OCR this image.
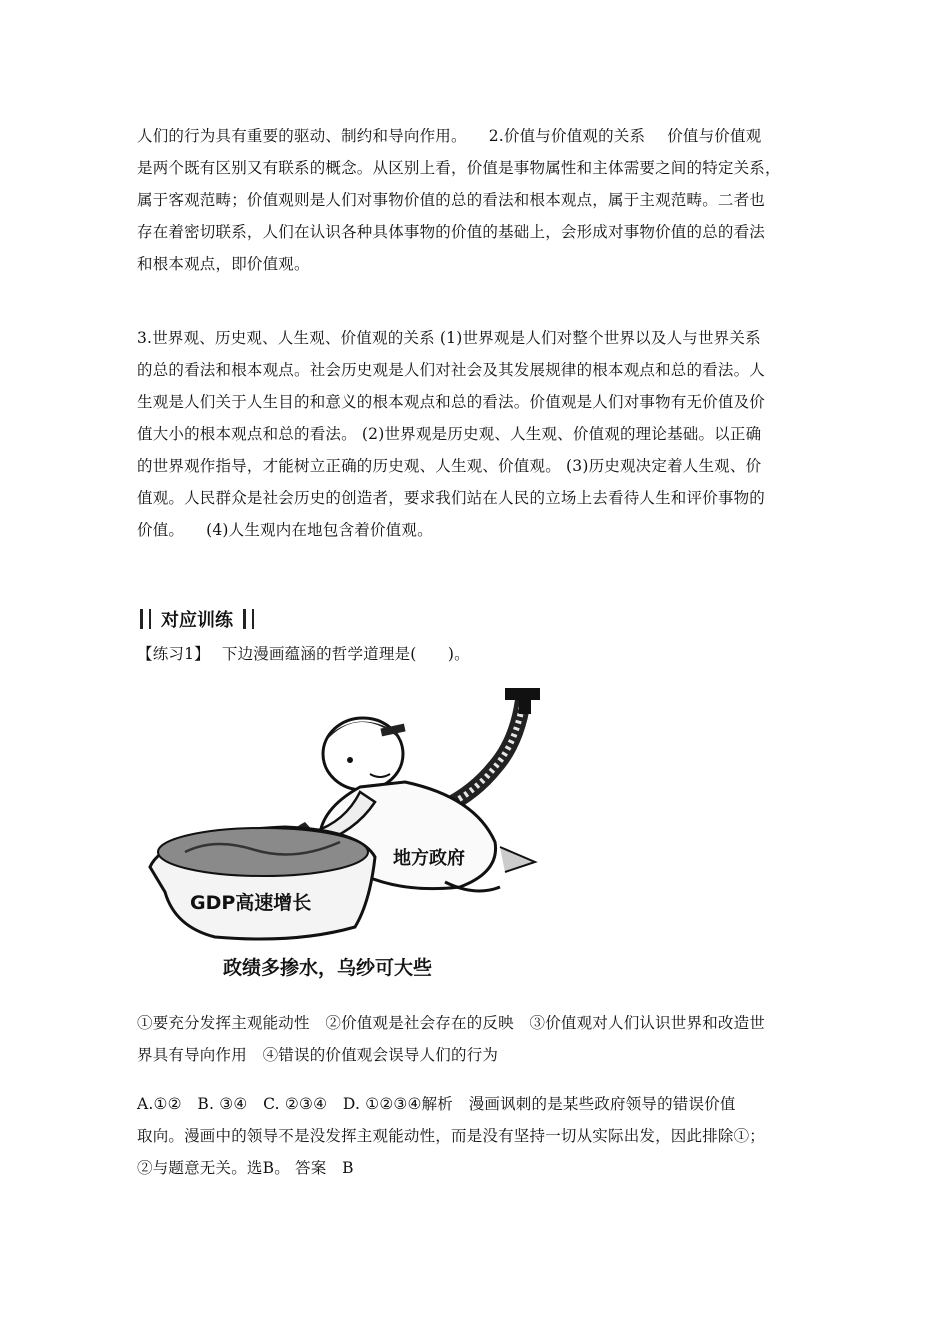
人们的行为具有重要的驱动、制约和导向作用。 2.价值与价值观的关系 价值与价值观
是两个既有区别又有联系的概念。从区别上看，价值是事物属性和主体需要之间的特定关系，
属于客观范畴；价值观则是人们对事物价值的总的看法和根本观点，属于主观范畴。二者也
存在着密切联系，人们在认识各种具体事物的价值的基础上，会形成对事物价值的总的看法
和根本观点，即价值观。
3.世界观、历史观、人生观、价值观的关系 (1)世界观是人们对整个世界以及人与世界关系
的总的看法和根本观点。社会历史观是人们对社会及其发展规律的根本观点和总的看法。人
生观是人们关于人生目的和意义的根本观点和总的看法。价值观是人们对事物有无价值及价
值大小的根本观点和总的看法。 (2)世界观是历史观、人生观、价值观的理论基础。以正确
的世界观作指导，才能树立正确的历史观、人生观、价值观。 (3)历史观决定着人生观、价
值观。人民群众是社会历史的创造者，要求我们站在人民的立场上去看待人生和评价事物的
价值。 (4)人生观内在地包含着价值观。
对应训练
【练习1】 下边漫画蕴涵的哲学道理是(　　)。
GDP高速增长
地方政府
政绩多掺水，乌纱可大些
①要充分发挥主观能动性　②价值观是社会存在的反映　③价值观对人们认识世界和改造世
界具有导向作用　④错误的价值观会误导人们的行为
A.①②　B. ③④　C. ②③④　D. ①②③④解析　漫画讽刺的是某些政府领导的错误价值
取向。漫画中的领导不是没发挥主观能动性，而是没有坚持一切从实际出发，因此排除①；
②与题意无关。选B。 答案　B
